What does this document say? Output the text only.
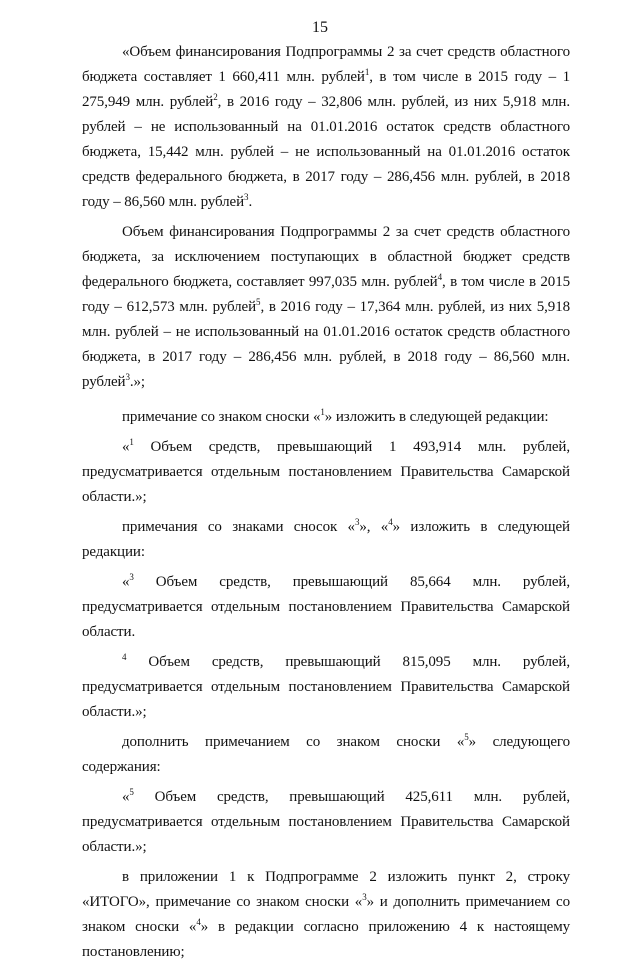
15

«Объем финансирования Подпрограммы 2 за счет средств областного бюджета составляет 1 660,411 млн. рублей$^1$, в том числе в 2015 году – 1 275,949 млн. рублей$^2$, в 2016 году – 32,806 млн. рублей, из них 5,918 млн. рублей – не использованный на 01.01.2016 остаток средств областного бюджета, 15,442 млн. рублей – не использованный на 01.01.2016 остаток средств федерального бюджета, в 2017 году – 286,456 млн. рублей, в 2018 году – 86,560 млн. рублей$^3$.

Объем финансирования Подпрограммы 2 за счет средств областного бюджета, за исключением поступающих в областной бюджет средств федерального бюджета, составляет 997,035 млн. рублей$^4$, в том числе в 2015 году – 612,573 млн. рублей$^5$, в 2016 году – 17,364 млн. рублей, из них 5,918 млн. рублей – не использованный на 01.01.2016 остаток средств областного бюджета, в 2017 году – 286,456 млн. рублей, в 2018 году – 86,560 млн. рублей$^3$.»;

примечание со знаком сноски «$^1$» изложить в следующей редакции:

«$^1$ Объем средств, превышающий 1 493,914 млн. рублей, предусматривается отдельным постановлением Правительства Самарской области.»;

примечания со знаками сносок «$^3$», «$^4$» изложить в следующей редакции:

«$^3$ Объем средств, превышающий 85,664 млн. рублей, предусматривается отдельным постановлением Правительства Самарской области.

$^4$ Объем средств, превышающий 815,095 млн. рублей, предусматривается отдельным постановлением Правительства Самарской области.»;

дополнить примечанием со знаком сноски «$^5$» следующего содержания:

«$^5$ Объем средств, превышающий 425,611 млн. рублей, предусматривается отдельным постановлением Правительства Самарской области.»;

в приложении 1 к Подпрограмме 2 изложить пункт 2, строку «ИТОГО», примечание со знаком сноски «$^3$» и дополнить примечанием со знаком сноски «$^4$» в редакции согласно приложению 4 к настоящему постановлению;
